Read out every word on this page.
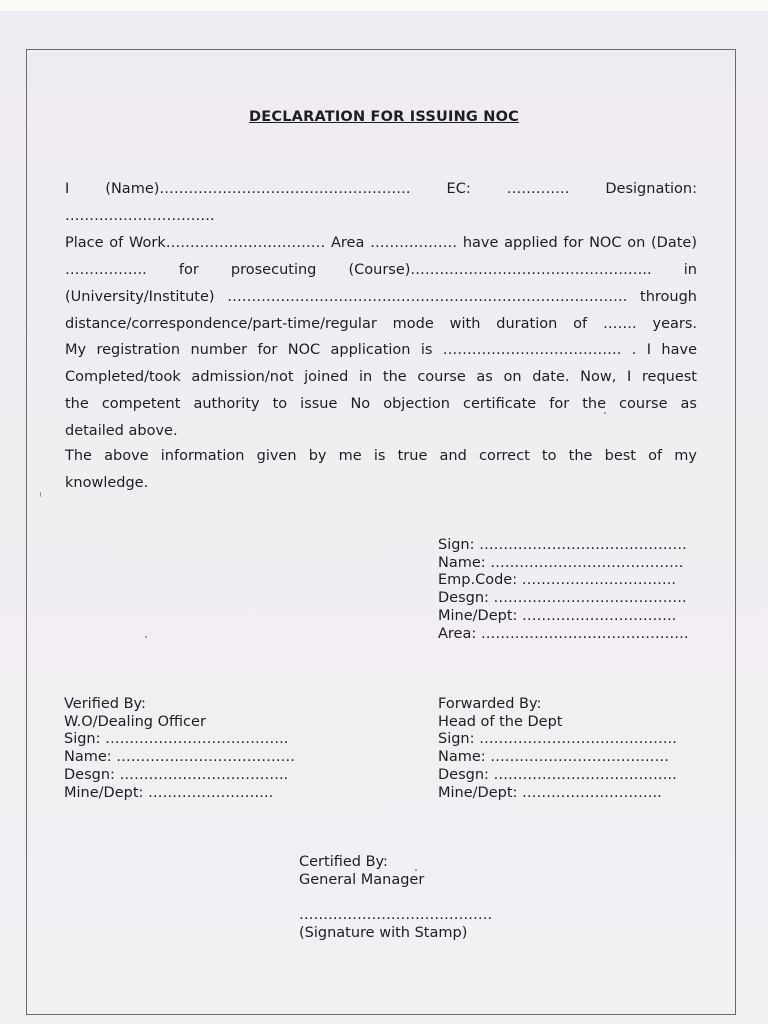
DECLARATION FOR ISSUING NOC
I (Name)……………………………………………. EC: …………. Designation: ………………………….
Place of Work…………………………… Area ……………… have applied for NOC on (Date)
…………….. for prosecuting (Course)………………………………………….. in
(University/Institute) ……………………………..………………..………………………. through
distance/correspondence/part-time/regular mode with duration of ……. years.
My registration number for NOC application is ………………………………. . I have
Completed/took admission/not joined in the course as on date. Now, I request
the competent authority to issue No objection certificate for the course as
detailed above.
The above information given by me is true and correct to the best of my
knowledge.
Sign: …………………………………….
Name: ………………………………….
Emp.Code: …………………………..
Desgn: ………………………………….
Mine/Dept: …………………………..
Area: …………………………………….
Verified By:
W.O/Dealing Officer
Sign: ………………………………..
Name: ……………………………….
Desgn: ……………………………..
Mine/Dept: ……………………..
Forwarded By:
Head of the Dept
Sign: …………………………………..
Name: ……………………………….
Desgn: ………………………………..
Mine/Dept: ………………………..
Certified By:
General Manager
………………………………….
(Signature with Stamp)
